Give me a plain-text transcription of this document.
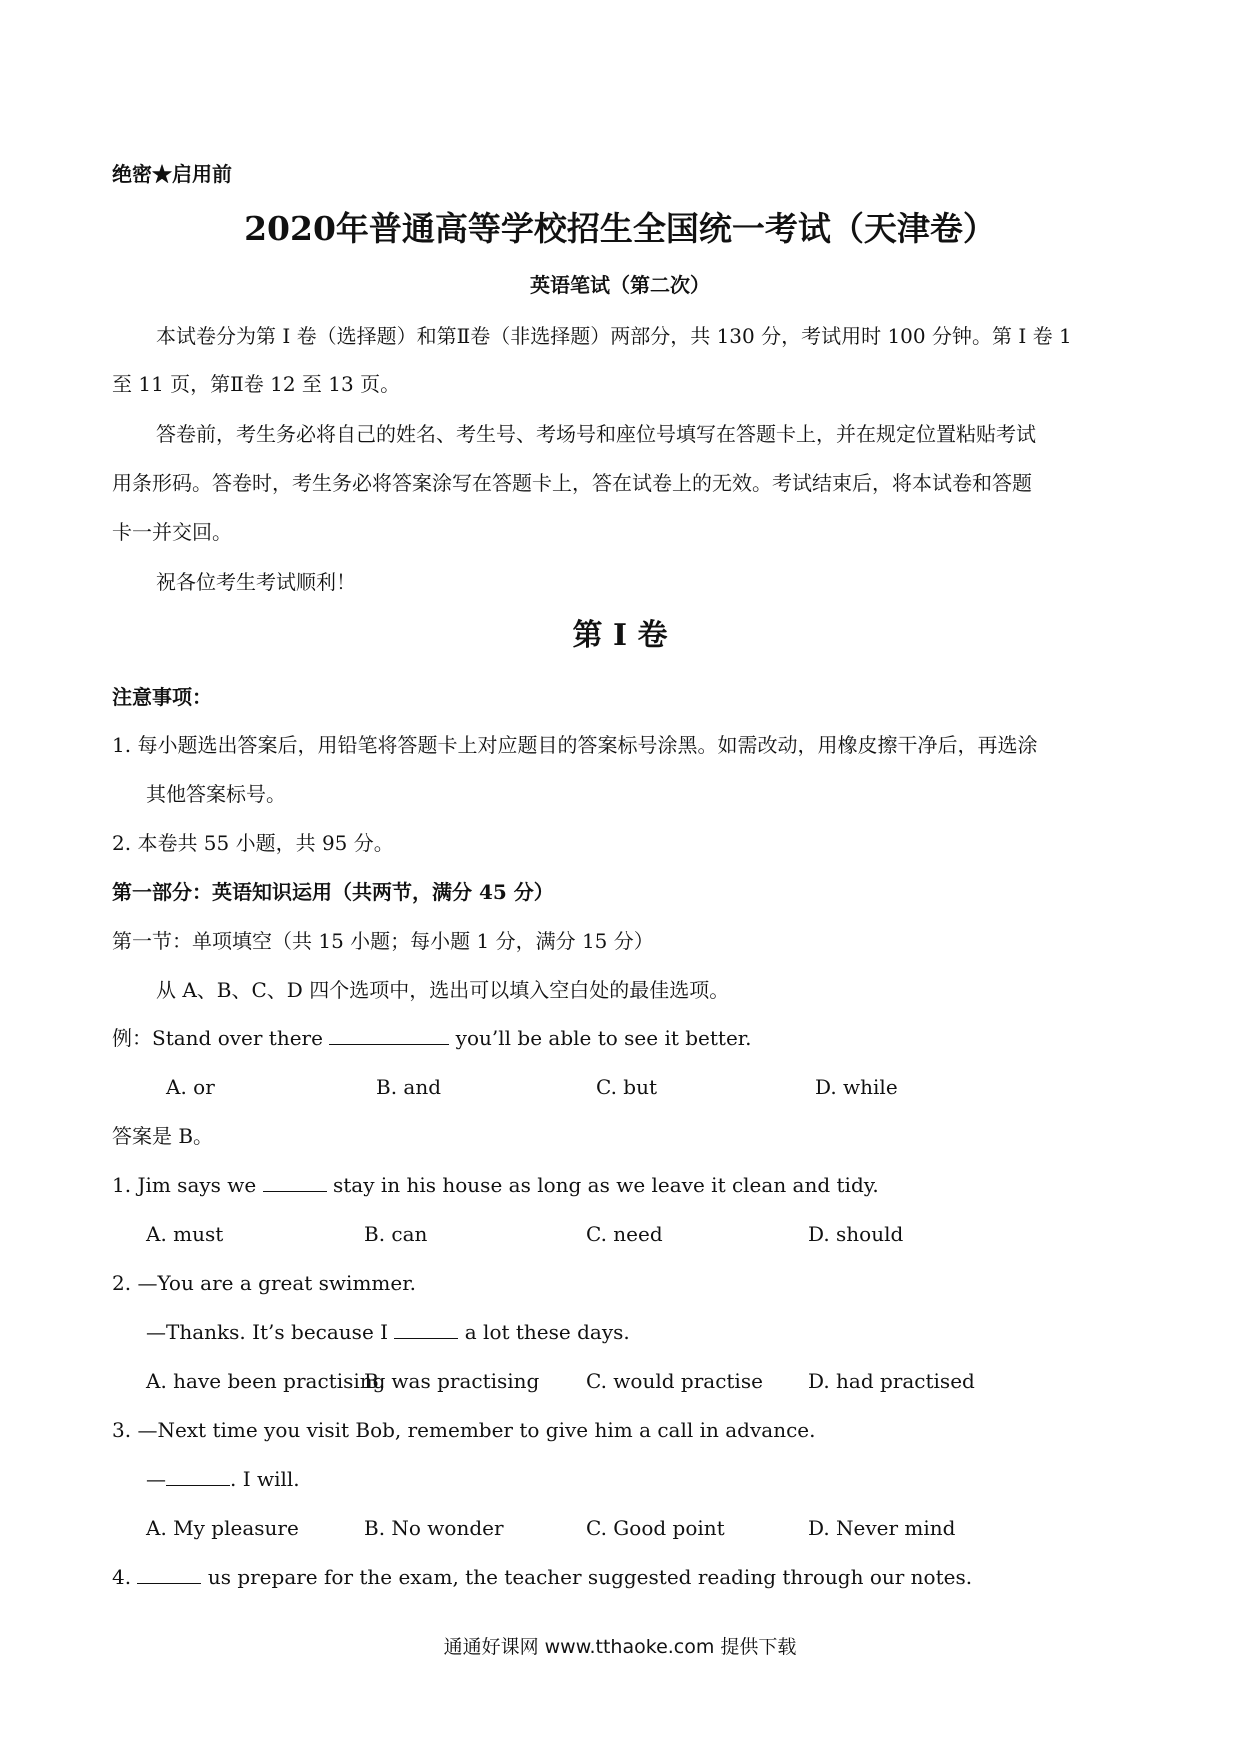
绝密★启用前
2020年普通高等学校招生全国统一考试（天津卷）
英语笔试（第二次）
本试卷分为第 I 卷（选择题）和第Ⅱ卷（非选择题）两部分，共 130 分，考试用时 100 分钟。第 I 卷 1
至 11 页，第Ⅱ卷 12 至 13 页。
答卷前，考生务必将自己的姓名、考生号、考场号和座位号填写在答题卡上，并在规定位置粘贴考试
用条形码。答卷时，考生务必将答案涂写在答题卡上，答在试卷上的无效。考试结束后，将本试卷和答题
卡一并交回。
祝各位考生考试顺利！
第 I 卷
注意事项：
1. 每小题选出答案后，用铅笔将答题卡上对应题目的答案标号涂黑。如需改动，用橡皮擦干净后，再选涂
其他答案标号。
2. 本卷共 55 小题，共 95 分。
第一部分：英语知识运用（共两节，满分 45 分）
第一节：单项填空（共 15 小题；每小题 1 分，满分 15 分）
从 A、B、C、D 四个选项中，选出可以填入空白处的最佳选项。
例：Stand over there	you’ll be able to see it better.
A. or	B. and	C. but	D. while
答案是 B。
1. Jim says we	stay in his house as long as we leave it clean and tidy.
A. must	B. can	C. need	D. should
2. —You are a great swimmer.
—Thanks. It’s because I	a lot these days.
A. have been practising
B. was practising C. would practise D. had practised
3. —Next time you visit Bob, remember to give him a call in advance.
—	. I will.
A. My pleasure	B. No wonder	C. Good point	D. Never mind
4.	us prepare for the exam, the teacher suggested reading through our notes.
通通好课网 www.tthaoke.com 提供下载
